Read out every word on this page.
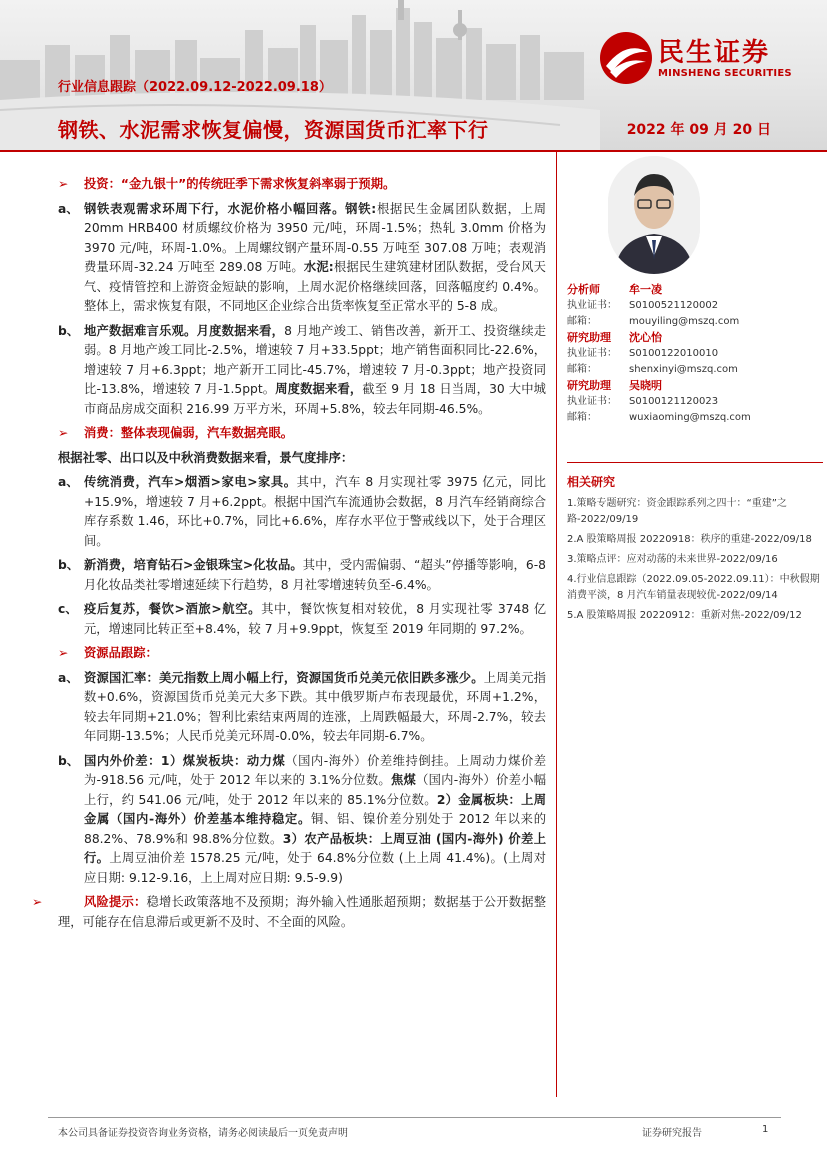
民生证券
MINSHENG SECURITIES
行业信息跟踪（2022.09.12-2022.09.18）
钢铁、水泥需求恢复偏慢，资源国货币汇率下行	2022 年 09 月 20 日
➢ 投资：“金九银十”的传统旺季下需求恢复斜率弱于预期。
a、 钢铁表观需求环周下行，水泥价格小幅回落。钢铁:根据民生金属团队数据，上周 20mm HRB400 材质螺纹价格为 3950 元/吨，环周-1.5%；热轧 3.0mm 价格为 3970 元/吨，环周-1.0%。上周螺纹钢产量环周-0.55 万吨至 307.08 万吨；表观消费量环周-32.24 万吨至 289.08 万吨。水泥:根据民生建筑建材团队数据，受台风天气、疫情管控和上游资金短缺的影响，上周水泥价格继续回落，回落幅度约 0.4%。整体上，需求恢复有限，不同地区企业综合出货率恢复至正常水平的 5-8 成。
b、 地产数据难言乐观。月度数据来看，8 月地产竣工、销售改善，新开工、投资继续走弱。8 月地产竣工同比-2.5%，增速较 7 月+33.5ppt；地产销售面积同比-22.6%，增速较 7 月+6.3ppt；地产新开工同比-45.7%，增速较 7 月-0.3ppt；地产投资同比-13.8%，增速较 7 月-1.5ppt。周度数据来看，截至 9 月 18 日当周，30 大中城市商品房成交面积 216.99 万平方米，环周+5.8%，较去年同期-46.5%。
➢ 消费：整体表现偏弱，汽车数据亮眼。
根据社零、出口以及中秋消费数据来看，景气度排序：
a、 传统消费，汽车>烟酒>家电>家具。其中，汽车 8 月实现社零 3975 亿元，同比+15.9%，增速较 7 月+6.2ppt。根据中国汽车流通协会数据，8 月汽车经销商综合库存系数 1.46，环比+0.7%，同比+6.6%，库存水平位于警戒线以下，处于合理区间。
b、 新消费，培育钻石>金银珠宝>化妆品。其中，受内需偏弱、“超头”停播等影响，6-8 月化妆品类社零增速延续下行趋势，8 月社零增速转负至-6.4%。
c、 疫后复苏，餐饮>酒旅>航空。其中，餐饮恢复相对较优，8 月实现社零 3748 亿元，增速同比转正至+8.4%，较 7 月+9.9ppt，恢复至 2019 年同期的 97.2%。
➢ 资源品跟踪：
a、 资源国汇率：美元指数上周小幅上行，资源国货币兑美元依旧跌多涨少。上周美元指数+0.6%，资源国货币兑美元大多下跌。其中俄罗斯卢布表现最优，环周+1.2%，较去年同期+21.0%；智利比索结束两周的连涨，上周跌幅最大，环周-2.7%，较去年同期-13.5%；人民币兑美元环周-0.0%，较去年同期-6.7%。
b、 国内外价差：1）煤炭板块：动力煤（国内-海外）价差维持倒挂。上周动力煤价差为-918.56 元/吨，处于 2012 年以来的 3.1%分位数。焦煤（国内-海外）价差小幅上行，约 541.06 元/吨，处于 2012 年以来的 85.1%分位数。2）金属板块：上周金属（国内-海外）价差基本维持稳定。铜、铝、镍价差分别处于 2012 年以来的 88.2%、78.9%和 98.8%分位数。3）农产品板块：上周豆油 (国内-海外) 价差上行。上周豆油价差 1578.25 元/吨，处于 64.8%分位数 (上上周 41.4%)。(上周对应日期: 9.12-9.16，上上周对应日期: 9.5-9.9)
➢	风险提示：稳增长政策落地不及预期；海外输入性通胀超预期；数据基于公开数据整理，可能存在信息滞后或更新不及时、不全面的风险。
分析师	牟一凌
执业证书： S0100521120002
邮箱：	mouyiling@mszq.com
研究助理 沈心怡
执业证书： S0100122010010
邮箱：	shenxinyi@mszq.com
研究助理 吴晓明
执业证书： S0100121120023
邮箱：	wuxiaoming@mszq.com
相关研究
1.策略专题研究：资金跟踪系列之四十：“重建”之路-2022/09/19
2.A 股策略周报 20220918：秩序的重建-2022/09/18
3.策略点评：应对动荡的未来世界-2022/09/16
4.行业信息跟踪（2022.09.05-2022.09.11）：中秋假期消费平淡，8 月汽车销量表现较优-2022/09/14
5.A 股策略周报 20220912：重新对焦-2022/09/12
本公司具备证券投资咨询业务资格，请务必阅读最后一页免责声明	证券研究报告	1
